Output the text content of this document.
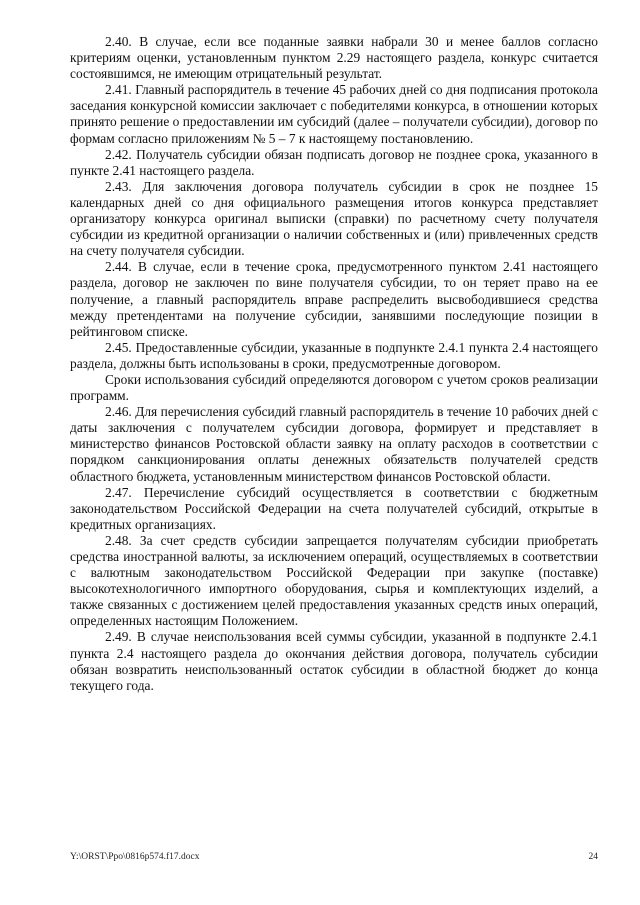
2.40. В случае, если все поданные заявки набрали 30 и менее баллов согласно критериям оценки, установленным пунктом 2.29 настоящего раздела, конкурс считается состоявшимся, не имеющим отрицательный результат.

2.41. Главный распорядитель в течение 45 рабочих дней со дня подписания протокола заседания конкурсной комиссии заключает с победителями конкурса, в отношении которых принято решение о предоставлении им субсидий (далее – получатели субсидии), договор по формам согласно приложениям № 5 – 7 к настоящему постановлению.

2.42. Получатель субсидии обязан подписать договор не позднее срока, указанного в пункте 2.41 настоящего раздела.

2.43. Для заключения договора получатель субсидии в срок не позднее 15 календарных дней со дня официального размещения итогов конкурса представляет организатору конкурса оригинал выписки (справки) по расчетному счету получателя субсидии из кредитной организации о наличии собственных и (или) привлеченных средств на счету получателя субсидии.

2.44. В случае, если в течение срока, предусмотренного пунктом 2.41 настоящего раздела, договор не заключен по вине получателя субсидии, то он теряет право на ее получение, а главный распорядитель вправе распределить высвободившиеся средства между претендентами на получение субсидии, занявшими последующие позиции в рейтинговом списке.

2.45. Предоставленные субсидии, указанные в подпункте 2.4.1 пункта 2.4 настоящего раздела, должны быть использованы в сроки, предусмотренные договором.

Сроки использования субсидий определяются договором с учетом сроков реализации программ.

2.46. Для перечисления субсидий главный распорядитель в течение 10 рабочих дней с даты заключения с получателем субсидии договора, формирует и представляет в министерство финансов Ростовской области заявку на оплату расходов в соответствии с порядком санкционирования оплаты денежных обязательств получателей средств областного бюджета, установленным министерством финансов Ростовской области.

2.47. Перечисление субсидий осуществляется в соответствии с бюджетным законодательством Российской Федерации на счета получателей субсидий, открытые в кредитных организациях.

2.48. За счет средств субсидии запрещается получателям субсидии приобретать средства иностранной валюты, за исключением операций, осуществляемых в соответствии с валютным законодательством Российской Федерации при закупке (поставке) высокотехнологичного импортного оборудования, сырья и комплектующих изделий, а также связанных с достижением целей предоставления указанных средств иных операций, определенных настоящим Положением.

2.49. В случае неиспользования всей суммы субсидии, указанной в подпункте 2.4.1 пункта 2.4 настоящего раздела до окончания действия договора, получатель субсидии обязан возвратить неиспользованный остаток субсидии в областной бюджет до конца текущего года.

Y:\ORST\Ppo\0816p574.f17.docx	24
